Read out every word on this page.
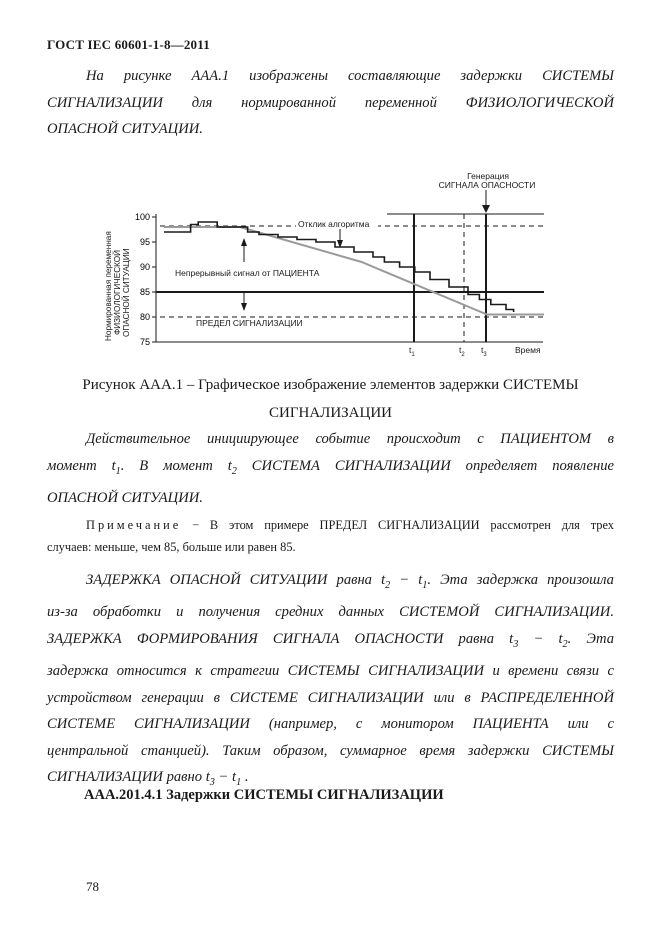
ГОСТ IEC 60601-1-8—2011
На рисунке ААА.1 изображены составляющие задержки СИСТЕМЫ
СИГНАЛИЗАЦИИ для нормированной переменной ФИЗИОЛОГИЧЕСКОЙ
ОПАСНОЙ СИТУАЦИИ.
Нормированная переменная ФИЗИОЛОГИЧЕСКОЙ ОПАСНОЙ СИТУАЦИИ
75
80
85
90
95
100
Генерация
СИГНАЛА ОПАСНОСТИ
Отклик алгоритма
Непрерывный сигнал от ПАЦИЕНТА
ПРЕДЕЛ СИГНАЛИЗАЦИИ
Время
$t_1$	$t_2$ $t_3$
Рисунок ААА.1 – Графическое изображение элементов задержки СИСТЕМЫ
СИГНАЛИЗАЦИИ
Действительное инициирующее событие происходит с ПАЦИЕНТОМ в
момент $t_1$. В момент $t_2$ СИСТЕМА СИГНАЛИЗАЦИИ определяет появление
ОПАСНОЙ СИТУАЦИИ.
Примечание − В этом примере ПРЕДЕЛ СИГНАЛИЗАЦИИ рассмотрен для трех
случаев: меньше, чем 85, больше или равен 85.
ЗАДЕРЖКА ОПАСНОЙ СИТУАЦИИ равна $t_2 - t_1$. Эта задержка произошла
из-за обработки и получения средних данных СИСТЕМОЙ СИГНАЛИЗАЦИИ.
ЗАДЕРЖКА ФОРМИРОВАНИЯ СИГНАЛА ОПАСНОСТИ равна $t_3 - t_2$. Эта
задержка относится к стратегии СИСТЕМЫ СИГНАЛИЗАЦИИ и времени связи с
устройством генерации в СИСТЕМЕ СИГНАЛИЗАЦИИ или в РАСПРЕДЕЛЕННОЙ
СИСТЕМЕ СИГНАЛИЗАЦИИ (например, с монитором ПАЦИЕНТА или с
центральной станцией). Таким образом, суммарное время задержки СИСТЕМЫ
СИГНАЛИЗАЦИИ равно $t_3 - t_1$ .
ААА.201.4.1 Задержки СИСТЕМЫ СИГНАЛИЗАЦИИ
78
